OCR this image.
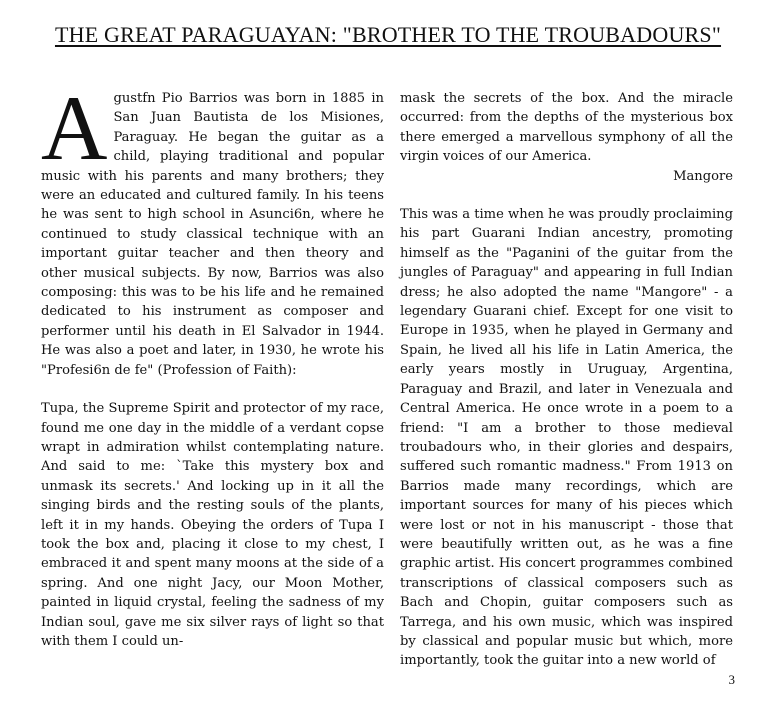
THE GREAT PARAGUAYAN: "BROTHER TO THE TROUBADOURS"

Agustfn Pio Barrios was born in 1885 in San Juan Bautista de los Misiones, Paraguay. He began the guitar as a child, playing traditional and popular music with his parents and many brothers; they were an educated and cultured family. In his teens he was sent to high school in Asunci6n, where he continued to study classical technique with an important guitar teacher and then theory and other musical subjects. By now, Barrios was also composing: this was to be his life and he remained dedicated to his instrument as composer and performer until his death in El Salvador in 1944. He was also a poet and later, in 1930, he wrote his "Profesi6n de fe" (Profession of Faith):

Tupa, the Supreme Spirit and protector of my race, found me one day in the middle of a verdant copse wrapt in admiration whilst contemplating nature. And said to me: `Take this mystery box and unmask its secrets.' And locking up in it all the singing birds and the resting souls of the plants, left it in my hands. Obeying the orders of Tupa I took the box and, placing it close to my chest, I embraced it and spent many moons at the side of a spring. And one night Jacy, our Moon Mother, painted in liquid crystal, feeling the sadness of my Indian soul, gave me six silver rays of light so that with them I could un-

mask the secrets of the box. And the miracle occurred: from the depths of the mysterious box there emerged a marvellous symphony of all the virgin voices of our America.

Mangore

This was a time when he was proudly proclaiming his part Guarani Indian ancestry, promoting himself as the "Paganini of the guitar from the jungles of Paraguay" and appearing in full Indian dress; he also adopted the name "Mangore" - a legendary Guarani chief. Except for one visit to Europe in 1935, when he played in Germany and Spain, he lived all his life in Latin America, the early years mostly in Uruguay, Argentina, Paraguay and Brazil, and later in Venezuala and Central America. He once wrote in a poem to a friend: "I am a brother to those medieval troubadours who, in their glories and despairs, suffered such romantic madness." From 1913 on Barrios made many recordings, which are important sources for many of his pieces which were lost or not in his manuscript - those that were beautifully written out, as he was a fine graphic artist. His concert programmes combined transcriptions of classical composers such as Bach and Chopin, guitar composers such as Tarrega, and his own music, which was inspired by classical and popular music but which, more importantly, took the guitar into a new world of

3
